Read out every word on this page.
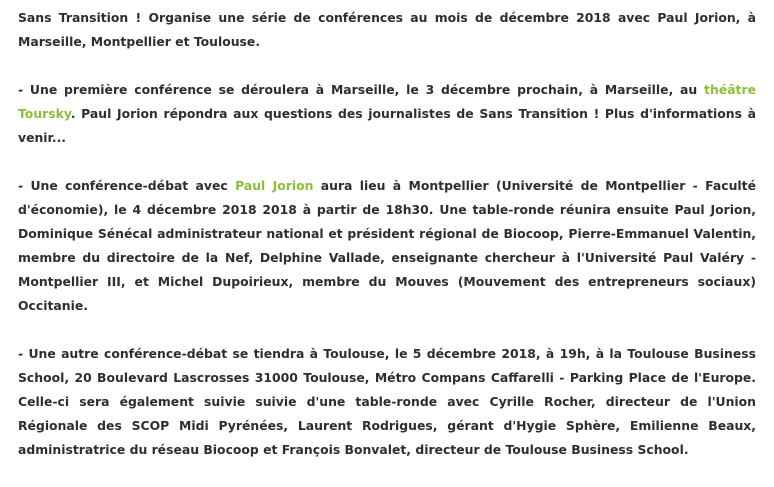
Sans Transition ! Organise une série de conférences au mois de décembre 2018 avec Paul Jorion, à Marseille, Montpellier et Toulouse.

- Une première conférence se déroulera à Marseille, le 3 décembre prochain, à Marseille, au théâtre Toursky. Paul Jorion répondra aux questions des journalistes de Sans Transition ! Plus d'informations à venir...

- Une conférence-débat avec Paul Jorion aura lieu à Montpellier (Université de Montpellier - Faculté d'économie), le 4 décembre 2018 2018 à partir de 18h30. Une table-ronde réunira ensuite Paul Jorion, Dominique Sénécal administrateur national et président régional de Biocoop, Pierre-Emmanuel Valentin, membre du directoire de la Nef, Delphine Vallade, enseignante chercheur à l'Université Paul Valéry - Montpellier III, et Michel Dupoirieux, membre du Mouves (Mouvement des entrepreneurs sociaux) Occitanie.

- Une autre conférence-débat se tiendra à Toulouse, le 5 décembre 2018, à 19h, à la Toulouse Business School, 20 Boulevard Lascrosses 31000 Toulouse, Métro Compans Caffarelli - Parking Place de l'Europe. Celle-ci sera également suivie suivie d'une table-ronde avec Cyrille Rocher, directeur de l'Union Régionale des SCOP Midi Pyrénées, Laurent Rodrigues, gérant d'Hygie Sphère, Emilienne Beaux, administratrice du réseau Biocoop et François Bonvalet, directeur de Toulouse Business School.
